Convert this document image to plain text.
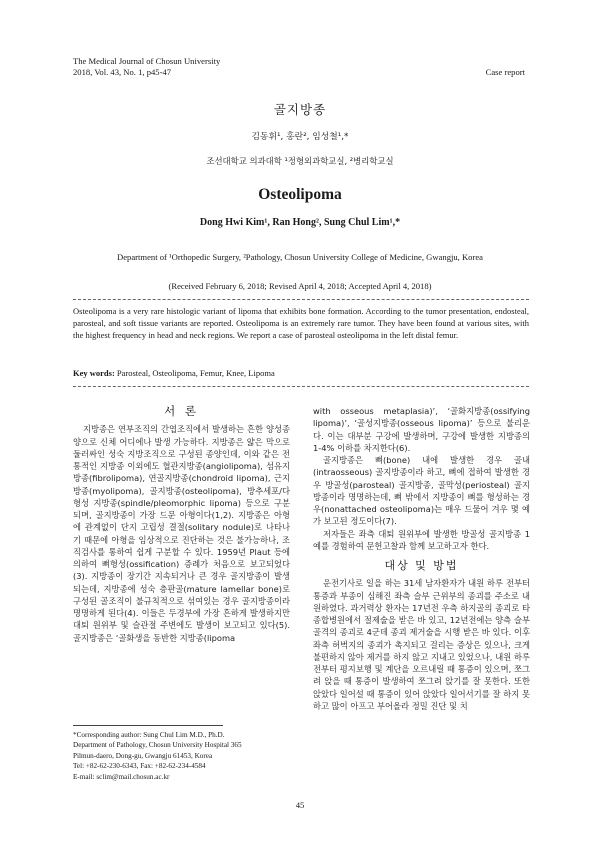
The Medical Journal of Chosun University
2018, Vol. 43, No. 1, p45-47	Case report
골지방종
김동휘¹, 홍란², 임성철¹,*
조선대학교 의과대학 ¹정형외과학교실, ²병리학교실
Osteolipoma
Dong Hwi Kim¹, Ran Hong², Sung Chul Lim¹,*
Department of ¹Orthopedic Surgery, ²Pathology, Chosun University College of Medicine, Gwangju, Korea
(Received February 6, 2018; Revised April 4, 2018; Accepted April 4, 2018)
Osteolipoma is a very rare histologic variant of lipoma that exhibits bone formation. According to the tumor presentation, endosteal, parosteal, and soft tissue variants are reported. Osteolipoma is an extremely rare tumor. They have been found at various sites, with the highest frequency in head and neck regions. We report a case of parosteal osteolipoma in the left distal femur.
Key words: Parosteal, Osteolipoma, Femur, Knee, Lipoma
서 론

지방종은 연부조직의 간엽조직에서 발생하는 흔한 양성종양으로 신체 어디에나 발생 가능하다. 지방종은 얇은 막으로 둘러싸인 성숙 지방조직으로 구성된 종양인데, 이와 같은 전통적인 지방종 이외에도 혈관지방종(angiolipoma), 섬유지방종(fibrolipoma), 연골지방종(chondroid lipoma), 근지방종(myolipoma), 골지방종(osteolipoma), 방추세포/다형성 지방종(spindle/pleomorphic lipoma) 등으로 구분되며, 골지방종이 가장 드문 아형이다(1,2). 지방종은 아형에 관계없이 단지 고립성 결절(solitary nodule)로 나타나기 때문에 아형을 임상적으로 진단하는 것은 불가능하나, 조직검사를 통하여 쉽게 구분할 수 있다. 1959년 Plaut 등에 의하여 뼈형성(ossification) 증례가 처음으로 보고되었다(3). 지방종이 장기간 지속되거나 큰 경우 골지방종이 발생되는데, 지방종에 성숙 층판골(mature lamellar bone)로 구성된 골조직이 불규칙적으로 섞여있는 경우 골지방종이라 명명하게 된다(4). 이들은 두경부에 가장 흔하게 발생하지만 대퇴 원위부 및 슬관절 주변에도 발생이 보고되고 있다(5). 골지방종은 ‘골화생을 동반한 지방종(lipoma

with osseous metaplasia)’, ‘골화지방종(ossifying lipoma)’, ‘골성지방종(osseous lipoma)’ 등으로 불리운다. 이는 대부분 구강에 발생하며, 구강에 발생한 지방종의 1-4% 이하를 차지한다(6).

골지방종은 뼈(bone) 내에 발생한 경우 골내(intraosseous) 골지방종이라 하고, 뼈에 접하여 발생한 경우 방골성(parosteal) 골지방종, 골막성(periosteal) 골지방종이라 명명하는데, 뼈 밖에서 지방종이 뼈를 형성하는 경우(nonattached osteolipoma)는 매우 드물어 겨우 몇 예가 보고된 정도이다(7).

저자들은 좌측 대퇴 원위부에 발생한 방골성 골지방종 1예를 경험하여 문헌고찰과 함께 보고하고자 한다.

대상 및 방법

운전기사로 일을 하는 31세 남자환자가 내원 하루 전부터 통증과 부종이 심해진 좌측 슬부 근위부의 종괴를 주소로 내원하였다. 과거력상 환자는 17년전 우측 하지골의 종괴로 타 종합병원에서 절제술을 받은 바 있고, 12년전에는 양측 슬부 골격의 종괴로 4군데 종괴 제거술을 시행 받은 바 있다. 이후 좌측 허벅지의 종괴가 촉지되고 걸리는 증상은 있으나, 크게 불편하지 않아 제거를 하지 않고 지내고 있었으나, 내원 하루 전부터 평지보행 및 계단을 오르내릴 때 통증이 있으며, 쪼그려 앉을 때 통증이 발생하여 쪼그려 앉기를 잘 못한다. 또한 앉았다 일어설 때 통증이 있어 앉았다 일어서기를 잘 하지 못하고 많이 아프고 부어올라 정밀 진단 및 치

*Corresponding author: Sung Chul Lim M.D., Ph.D.
Department of Pathology, Chosun University Hospital 365
Pilmun-daero, Dong-gu, Gwangju 61453, Korea
Tel: +82-62-230-6343, Fax: +82-62-234-4584
E-mail: sclim@mail.chosun.ac.kr
45
